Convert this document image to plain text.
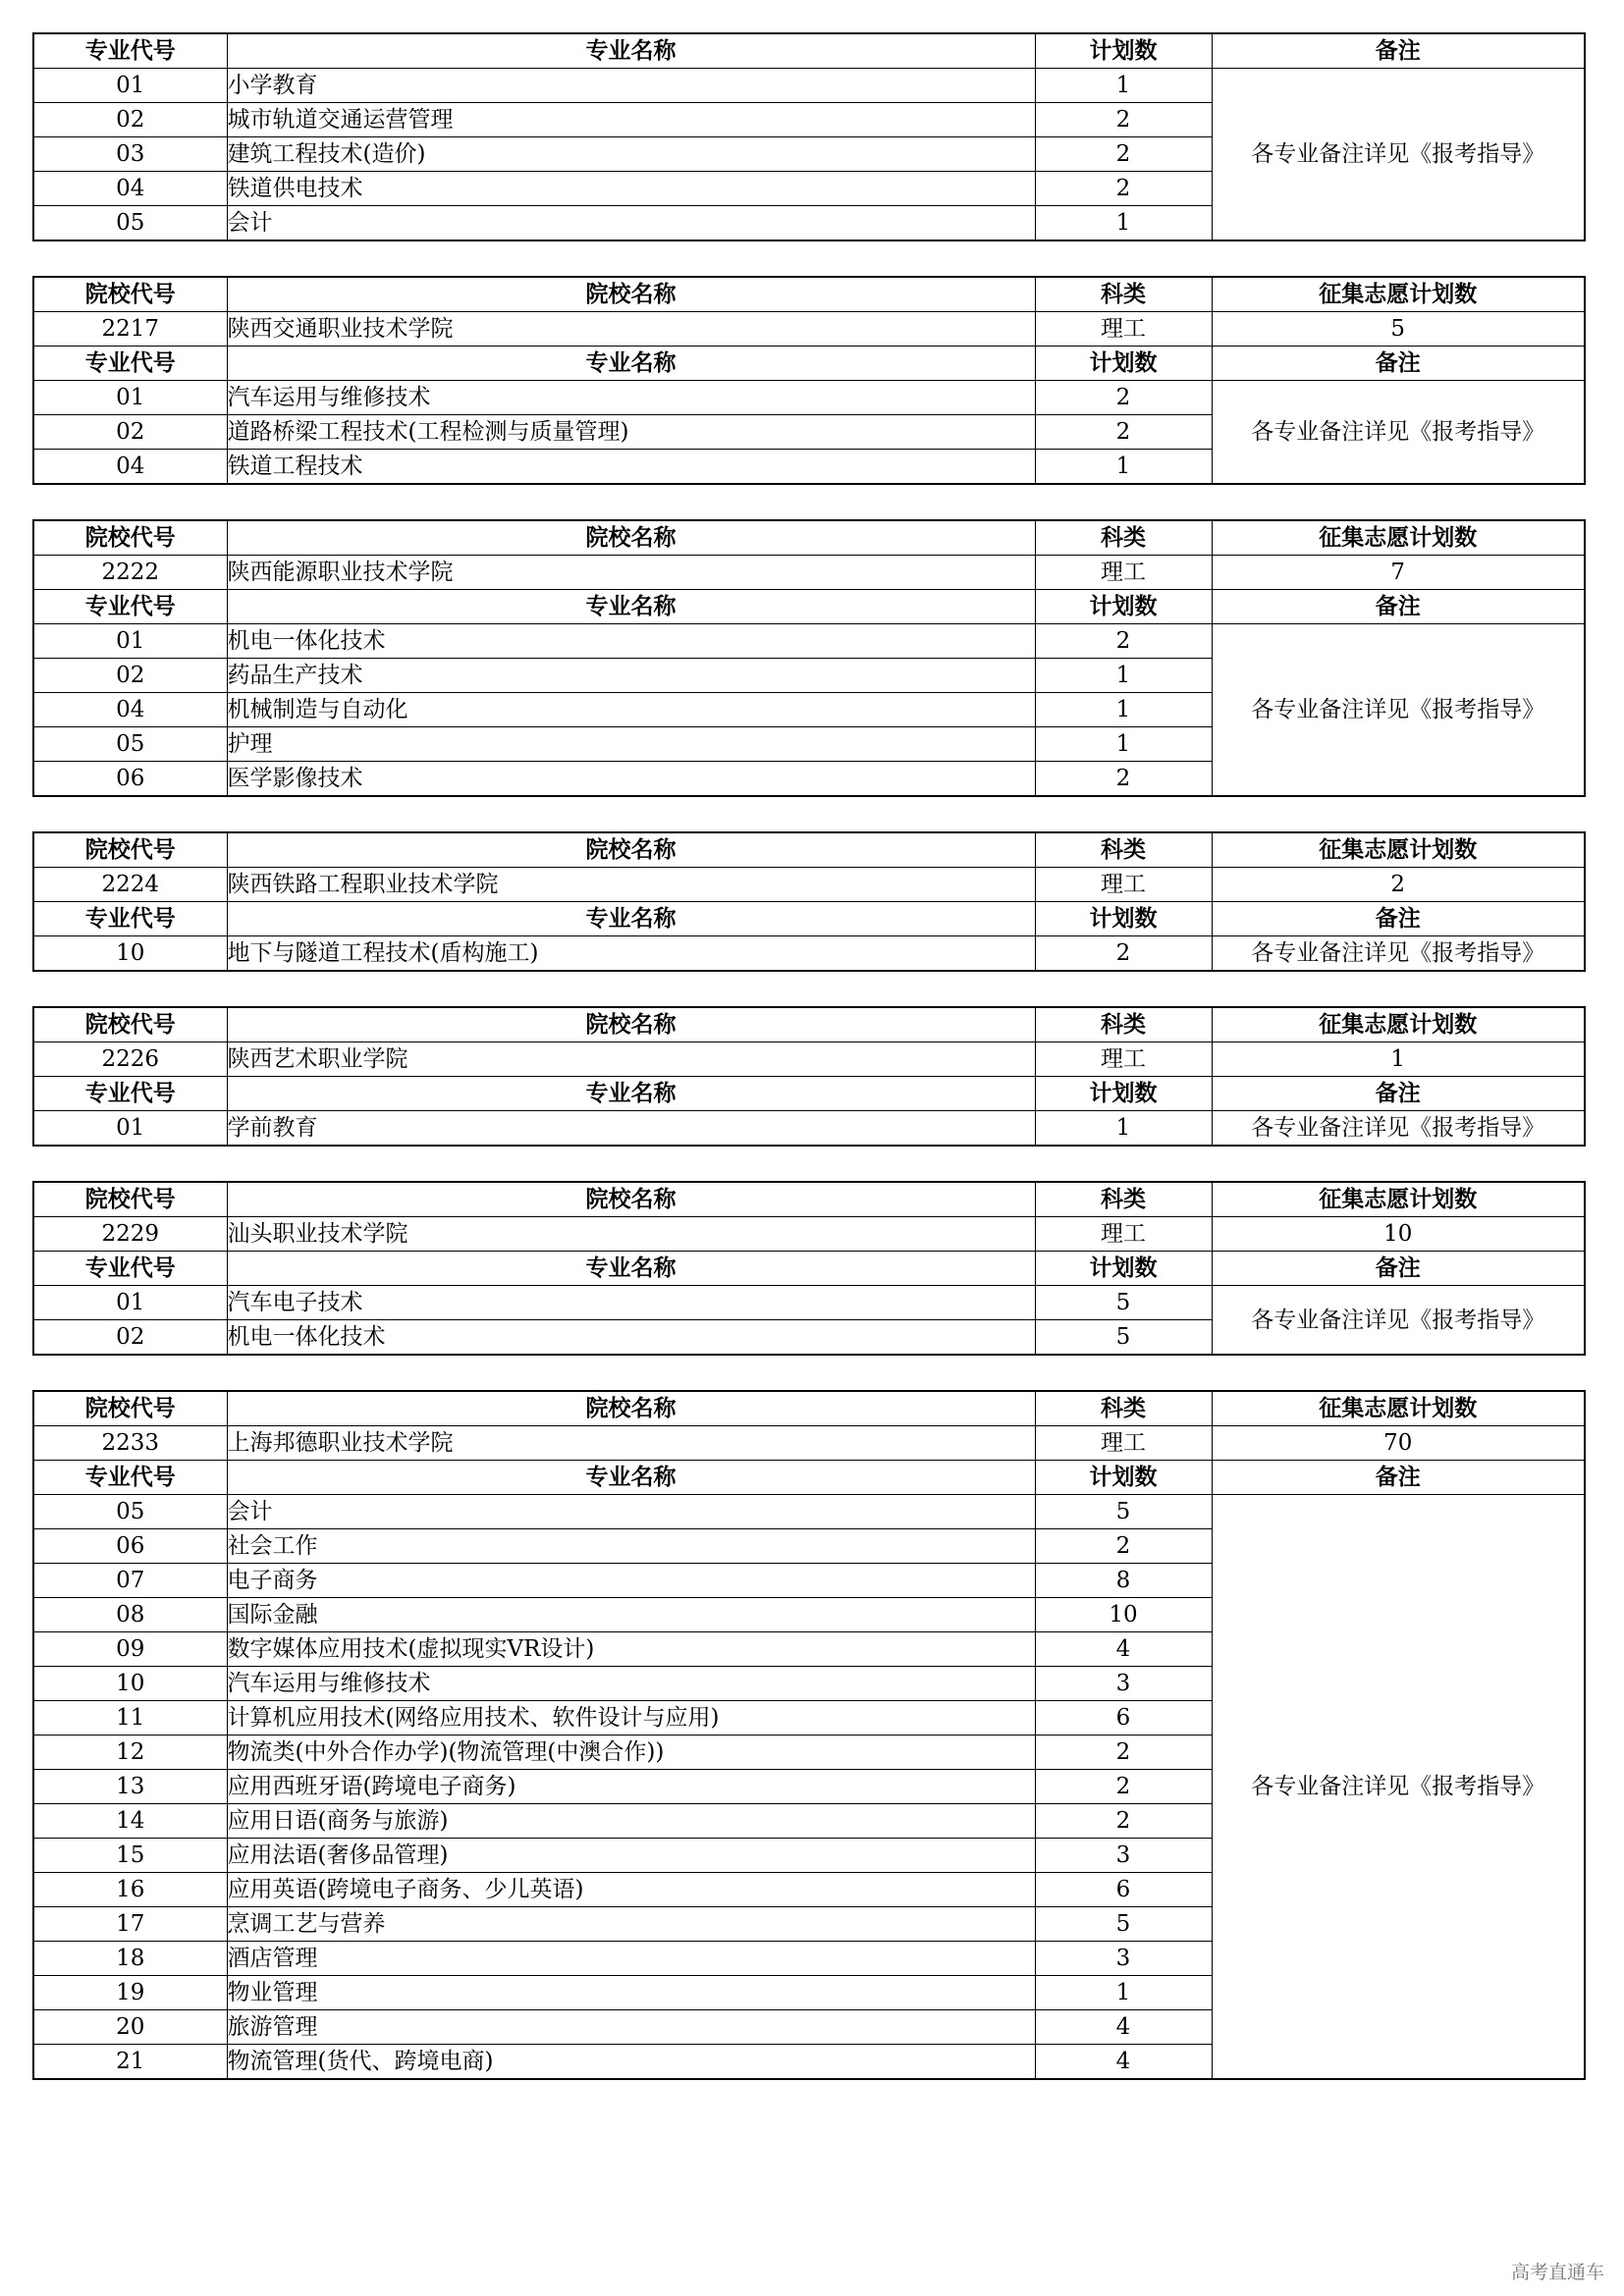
专业代号	专业名称	计划数	备注
01	小学教育	1	各专业备注详见《报考指导》
02	城市轨道交通运营管理	2	
03	建筑工程技术(造价)	2	
04	铁道供电技术	2	
05	会计	1	
院校代号	院校名称	科类	征集志愿计划数
2217	陕西交通职业技术学院	理工	5
专业代号	专业名称	计划数	备注
01	汽车运用与维修技术	2	各专业备注详见《报考指导》
02	道路桥梁工程技术(工程检测与质量管理)	2	
04	铁道工程技术	1	
院校代号	院校名称	科类	征集志愿计划数
2222	陕西能源职业技术学院	理工	7
专业代号	专业名称	计划数	备注
01	机电一体化技术	2	各专业备注详见《报考指导》
02	药品生产技术	1	
04	机械制造与自动化	1	
05	护理	1	
06	医学影像技术	2	
院校代号	院校名称	科类	征集志愿计划数
2224	陕西铁路工程职业技术学院	理工	2
专业代号	专业名称	计划数	备注
10	地下与隧道工程技术(盾构施工)	2	各专业备注详见《报考指导》
院校代号	院校名称	科类	征集志愿计划数
2226	陕西艺术职业学院	理工	1
专业代号	专业名称	计划数	备注
01	学前教育	1	各专业备注详见《报考指导》
院校代号	院校名称	科类	征集志愿计划数
2229	汕头职业技术学院	理工	10
专业代号	专业名称	计划数	备注
01	汽车电子技术	5	各专业备注详见《报考指导》
02	机电一体化技术	5	
院校代号	院校名称	科类	征集志愿计划数
2233	上海邦德职业技术学院	理工	70
专业代号	专业名称	计划数	备注
05	会计	5	各专业备注详见《报考指导》
06	社会工作	2	
07	电子商务	8	
08	国际金融	10	
09	数字媒体应用技术(虚拟现实VR设计)	4	
10	汽车运用与维修技术	3	
11	计算机应用技术(网络应用技术、软件设计与应用)	6	
12	物流类(中外合作办学)(物流管理(中澳合作))	2	
13	应用西班牙语(跨境电子商务)	2	
14	应用日语(商务与旅游)	2	
15	应用法语(奢侈品管理)	3	
16	应用英语(跨境电子商务、少儿英语)	6	
17	烹调工艺与营养	5	
18	酒店管理	3	
19	物业管理	1	
20	旅游管理	4	
21	物流管理(货代、跨境电商)	4	
高考直通车
